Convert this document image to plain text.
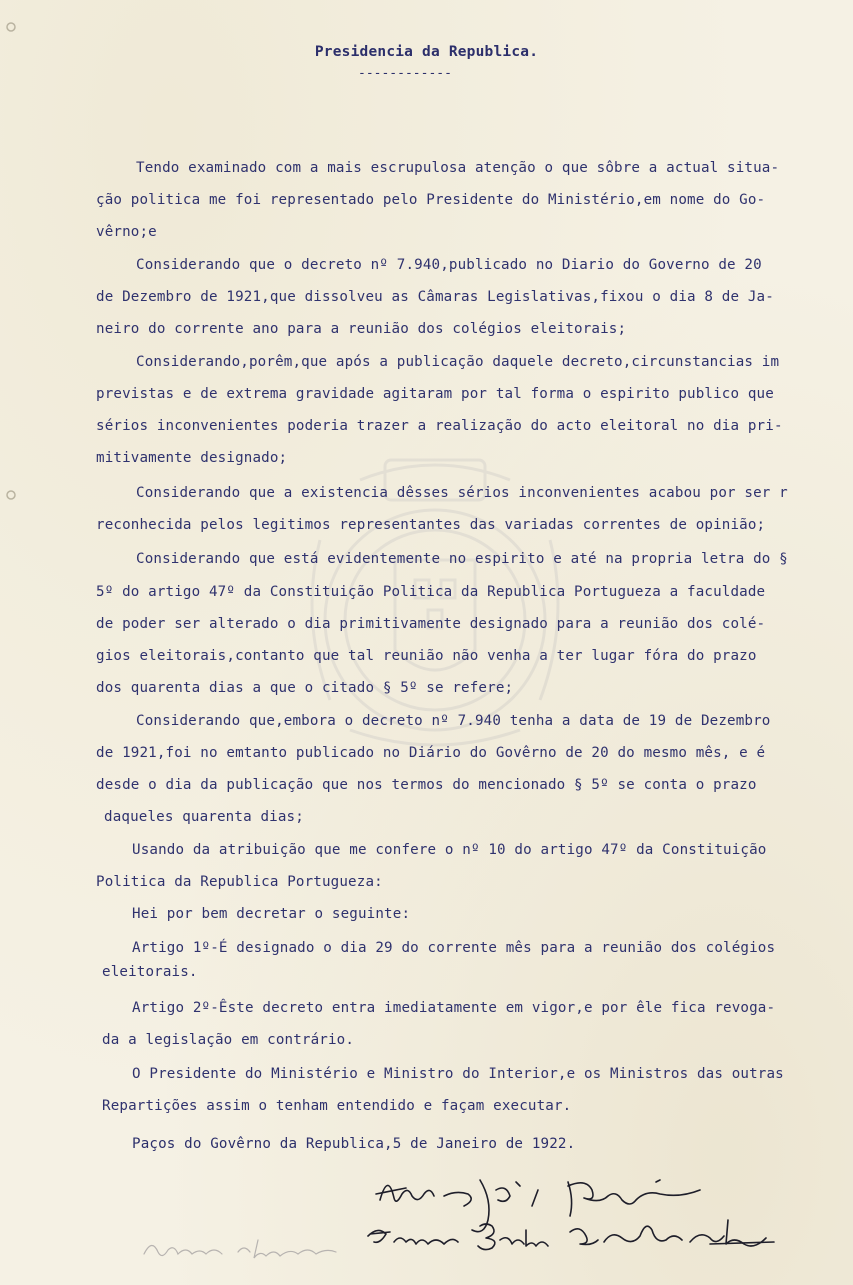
Presidencia da Republica.
------------

Tendo examinado com a mais escrupulosa atenção o que sôbre a actual situa-

ção politica me foi representado pelo Presidente do Ministério,em nome do Go-

vêrno;e

Considerando que o decreto nº 7.940,publicado no Diario do Governo de 20

de Dezembro de 1921,que dissolveu as Câmaras Legislativas,fixou o dia 8 de Ja-

neiro do corrente ano para a reunião dos colégios eleitorais;

Considerando,porêm,que após a publicação daquele decreto,circunstancias im

previstas e de extrema gravidade agitaram por tal forma o espirito publico que

sérios inconvenientes poderia trazer a realização do acto eleitoral no dia pri-

mitivamente designado;

Considerando que a existencia dêsses sérios inconvenientes acabou por ser r

reconhecida pelos legitimos representantes das variadas correntes de opinião;

Considerando que está evidentemente no espirito e até na propria letra do §

5º do artigo 47º da Constituição Politica da Republica Portugueza a faculdade

de poder ser alterado o dia primitivamente designado para a reunião dos colé-

gios eleitorais,contanto que tal reunião não venha a ter lugar fóra do prazo

dos quarenta dias a que o citado § 5º se refere;

Considerando que,embora o decreto nº 7.940 tenha a data de 19 de Dezembro

de 1921,foi no emtanto publicado no Diário do Govêrno de 20 do mesmo mês, e é

desde o dia da publicação que nos termos do mencionado § 5º se conta o prazo

daqueles quarenta dias;

Usando da atribuição que me confere o nº 10 do artigo 47º da Constituição

Politica da Republica Portugueza:

Hei por bem decretar o seguinte:

Artigo 1º-É designado o dia 29 do corrente mês para a reunião dos colégios

eleitorais.

Artigo 2º-Êste decreto entra imediatamente em vigor,e por êle fica revoga-

da a legislação em contrário.

O Presidente do Ministério e Ministro do Interior,e os Ministros das outras

Repartições assim o tenham entendido e façam executar.

Paços do Govêrno da Republica,5 de Janeiro de 1922.
